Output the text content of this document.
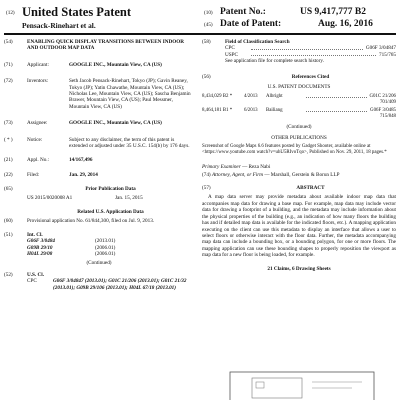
(12) United States Patent
Pensack-Rinehart et al.
(10) Patent No.:	US 9,417,777 B2
(45) Date of Patent:	Aug. 16, 2016
(54)	ENABLING QUICK DISPLAY TRANSITIONS BETWEEN INDOOR AND OUTDOOR MAP DATA
(71)	Applicant:	GOOGLE INC., Mountain View, CA (US)
(72)	Inventors:	Seth Jacob Pensack-Rinehart, Tokyo (JP); Gavin Reaney, Tokyo (JP); Yatin Chawathe, Mountain View, CA (US); Nicholas Lee, Mountain View, CA (US); Sascha Benjamin Brawer, Mountain View, CA (US); Paul Messmer, Mountain View, CA (US)
(73)	Assignee:	GOOGLE INC., Mountain View, CA (US)
( * )	Notice:	Subject to any disclaimer, the term of this patent is extended or adjusted under 35 U.S.C. 154(b) by 176 days.
(21)	Appl. No.:	14/167,496
(22)	Filed:	Jan. 29, 2014
(65)	Prior Publication Data
US 2015/0020008 A1	Jan. 15, 2015
Related U.S. Application Data
(60)	Provisional application No. 61/844,300, filed on Jul. 9, 2013.
(51)	Int. Cl.
G06F 3/0484	(2013.01)
G09B 29/10	(2006.01)
H04L 29/08	(2006.01)
(Continued)
(52)	U.S. Cl.
CPC	G06F 3/04847 (2013.01); G01C 21/206 (2013.01); G01C 21/32 (2013.01); G09B 29/106 (2013.01); H04L 67/18 (2013.01)
(58)	Field of Classification Search
CPC	G06F 3/04847
USPC	715/765
See application file for complete search history.
(56)	References Cited
U.S. PATENT DOCUMENTS
8,434,029 B2 *	4/2013	Albright	G01C 21/206
701/409
8,464,181 B1 *	6/2013	Bailiang	G06F 3/0485
715/848
(Continued)
OTHER PUBLICATIONS
Screenshot of Google Maps 6.6 features posted by Gadget Shooter, available online at <https://www.youtube.com watch?v=uhU5RIvoTqo>, Published on Nov. 29, 2011, 18 pages.*
Primary Examiner — Reza Nabi
(74) Attorney, Agent, or Firm — Marshall, Gerstein & Borun LLP
(57)	ABSTRACT
A map data server may provide metadata about available indoor map data that accompanies map data for drawing a base map. For example, map data may include vector data for drawing a footprint of a building, and the metadata may include information about the physical properties of the building (e.g., an indication of how many floors the building has and if detailed map data is available for the indicated floors, etc.). A mapping application executing on the client can use this metadata to display an interface that allows a user to select floors or otherwise interact with the floor data. Further, the metadata accompanying map data can include a bounding box, or a bounding polygon, for one or more floors. The mapping application can use these bounding shapes to properly reposition the viewport as map data for a new floor is being loaded, for example.
21 Claims, 6 Drawing Sheets
